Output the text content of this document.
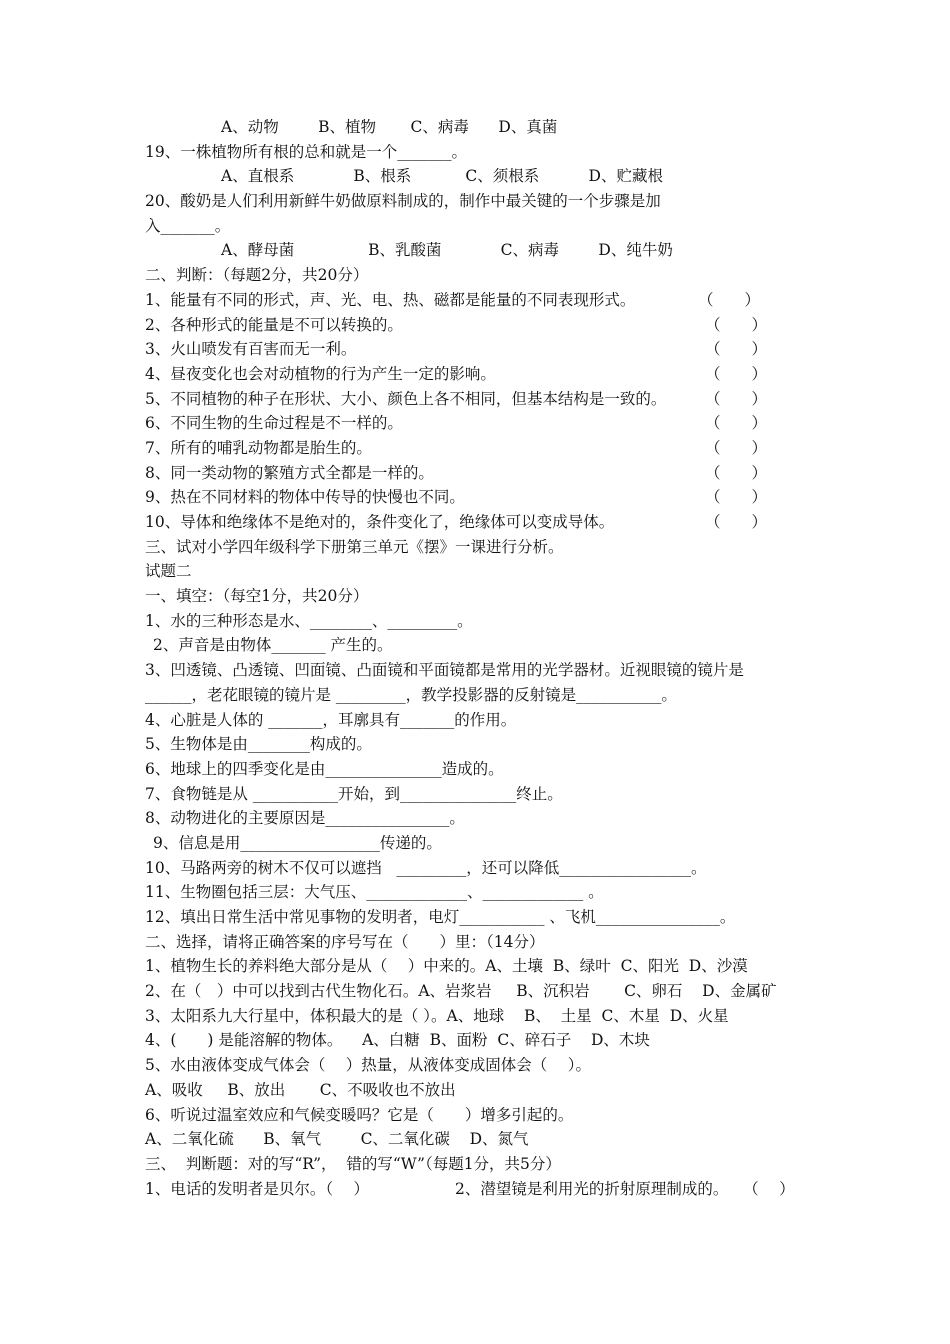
A、动物        B、植物       C、病毒      D、真菌
19、一株植物所有根的总和就是一个_______。
A、直根系            B、根系           C、须根系          D、贮藏根
20、酸奶是人们利用新鲜牛奶做原料制成的，制作中最关键的一个步骤是加
入_______。
A、酵母菌               B、乳酸菌            C、病毒        D、纯牛奶
二、判断：（每题2分，共20分）
1、能量有不同的形式，声、光、电、热、磁都是能量的不同表现形式。	（　　）
2、各种形式的能量是不可以转换的。	（　　）
3、火山喷发有百害而无一利。	（　　）
4、昼夜变化也会对动植物的行为产生一定的影响。	（　　）
5、不同植物的种子在形状、大小、颜色上各不相同，但基本结构是一致的。 （　　）
6、不同生物的生命过程是不一样的。	（　　）
7、所有的哺乳动物都是胎生的。	（　　）
8、同一类动物的繁殖方式全都是一样的。	（　　）
9、热在不同材料的物体中传导的快慢也不同。	（　　）
10、导体和绝缘体不是绝对的，条件变化了，绝缘体可以变成导体。	（　　）
三、试对小学四年级科学下册第三单元《摆》一课进行分析。
试题二
一、填空：（每空1分，共20分）
1、水的三种形态是水、________、_________。
2、声音是由物体_______ 产生的。
3、凹透镜、凸透镜、凹面镜、凸面镜和平面镜都是常用的光学器材。近视眼镜的镜片是
______，老花眼镜的镜片是 _________，教学投影器的反射镜是___________。
4、心脏是人体的 _______，耳廓具有_______的作用。
5、生物体是由________构成的。
6、地球上的四季变化是由_______________造成的。
7、食物链是从 ___________开始，到_______________终止。
8、动物进化的主要原因是________________。
9、信息是用__________________传递的。
10、马路两旁的树木不仅可以遮挡   _________，还可以降低_________________。
11、生物圈包括三层：大气压、_____________、_____________ 。
12、填出日常生活中常见事物的发明者，电灯___________ 、飞机________________。
二、选择，请将正确答案的序号写在（　　）里：（14分）
1、植物生长的养料绝大部分是从（　 ）中来的。A、土壤  B、绿叶  C、阳光  D、沙漠
2、在（　）中可以找到古代生物化石。A、岩浆岩     B、沉积岩       C、卵石    D、金属矿
3、太阳系九大行星中，体积最大的是（ ）。A、地球    B、  土星  C、木星  D、火星
4、(　　) 是能溶解的物体。    A、白糖  B、面粉  C、碎石子    D、木块
5、水由液体变成气体会（　 ）热量，从液体变成固体会（　 ）。
A、吸收     B、放出       C、不吸收也不放出
6、听说过温室效应和气候变暖吗？它是（　　）增多引起的。
A、二氧化硫      B、氧气        C、二氧化碳    D、氮气
三、  判断题：对的写“R”，  错的写“W”（每题1分，共5分）
1、电话的发明者是贝尔。（　 ）	2、潜望镜是利用光的折射原理制成的。   （　 ）
